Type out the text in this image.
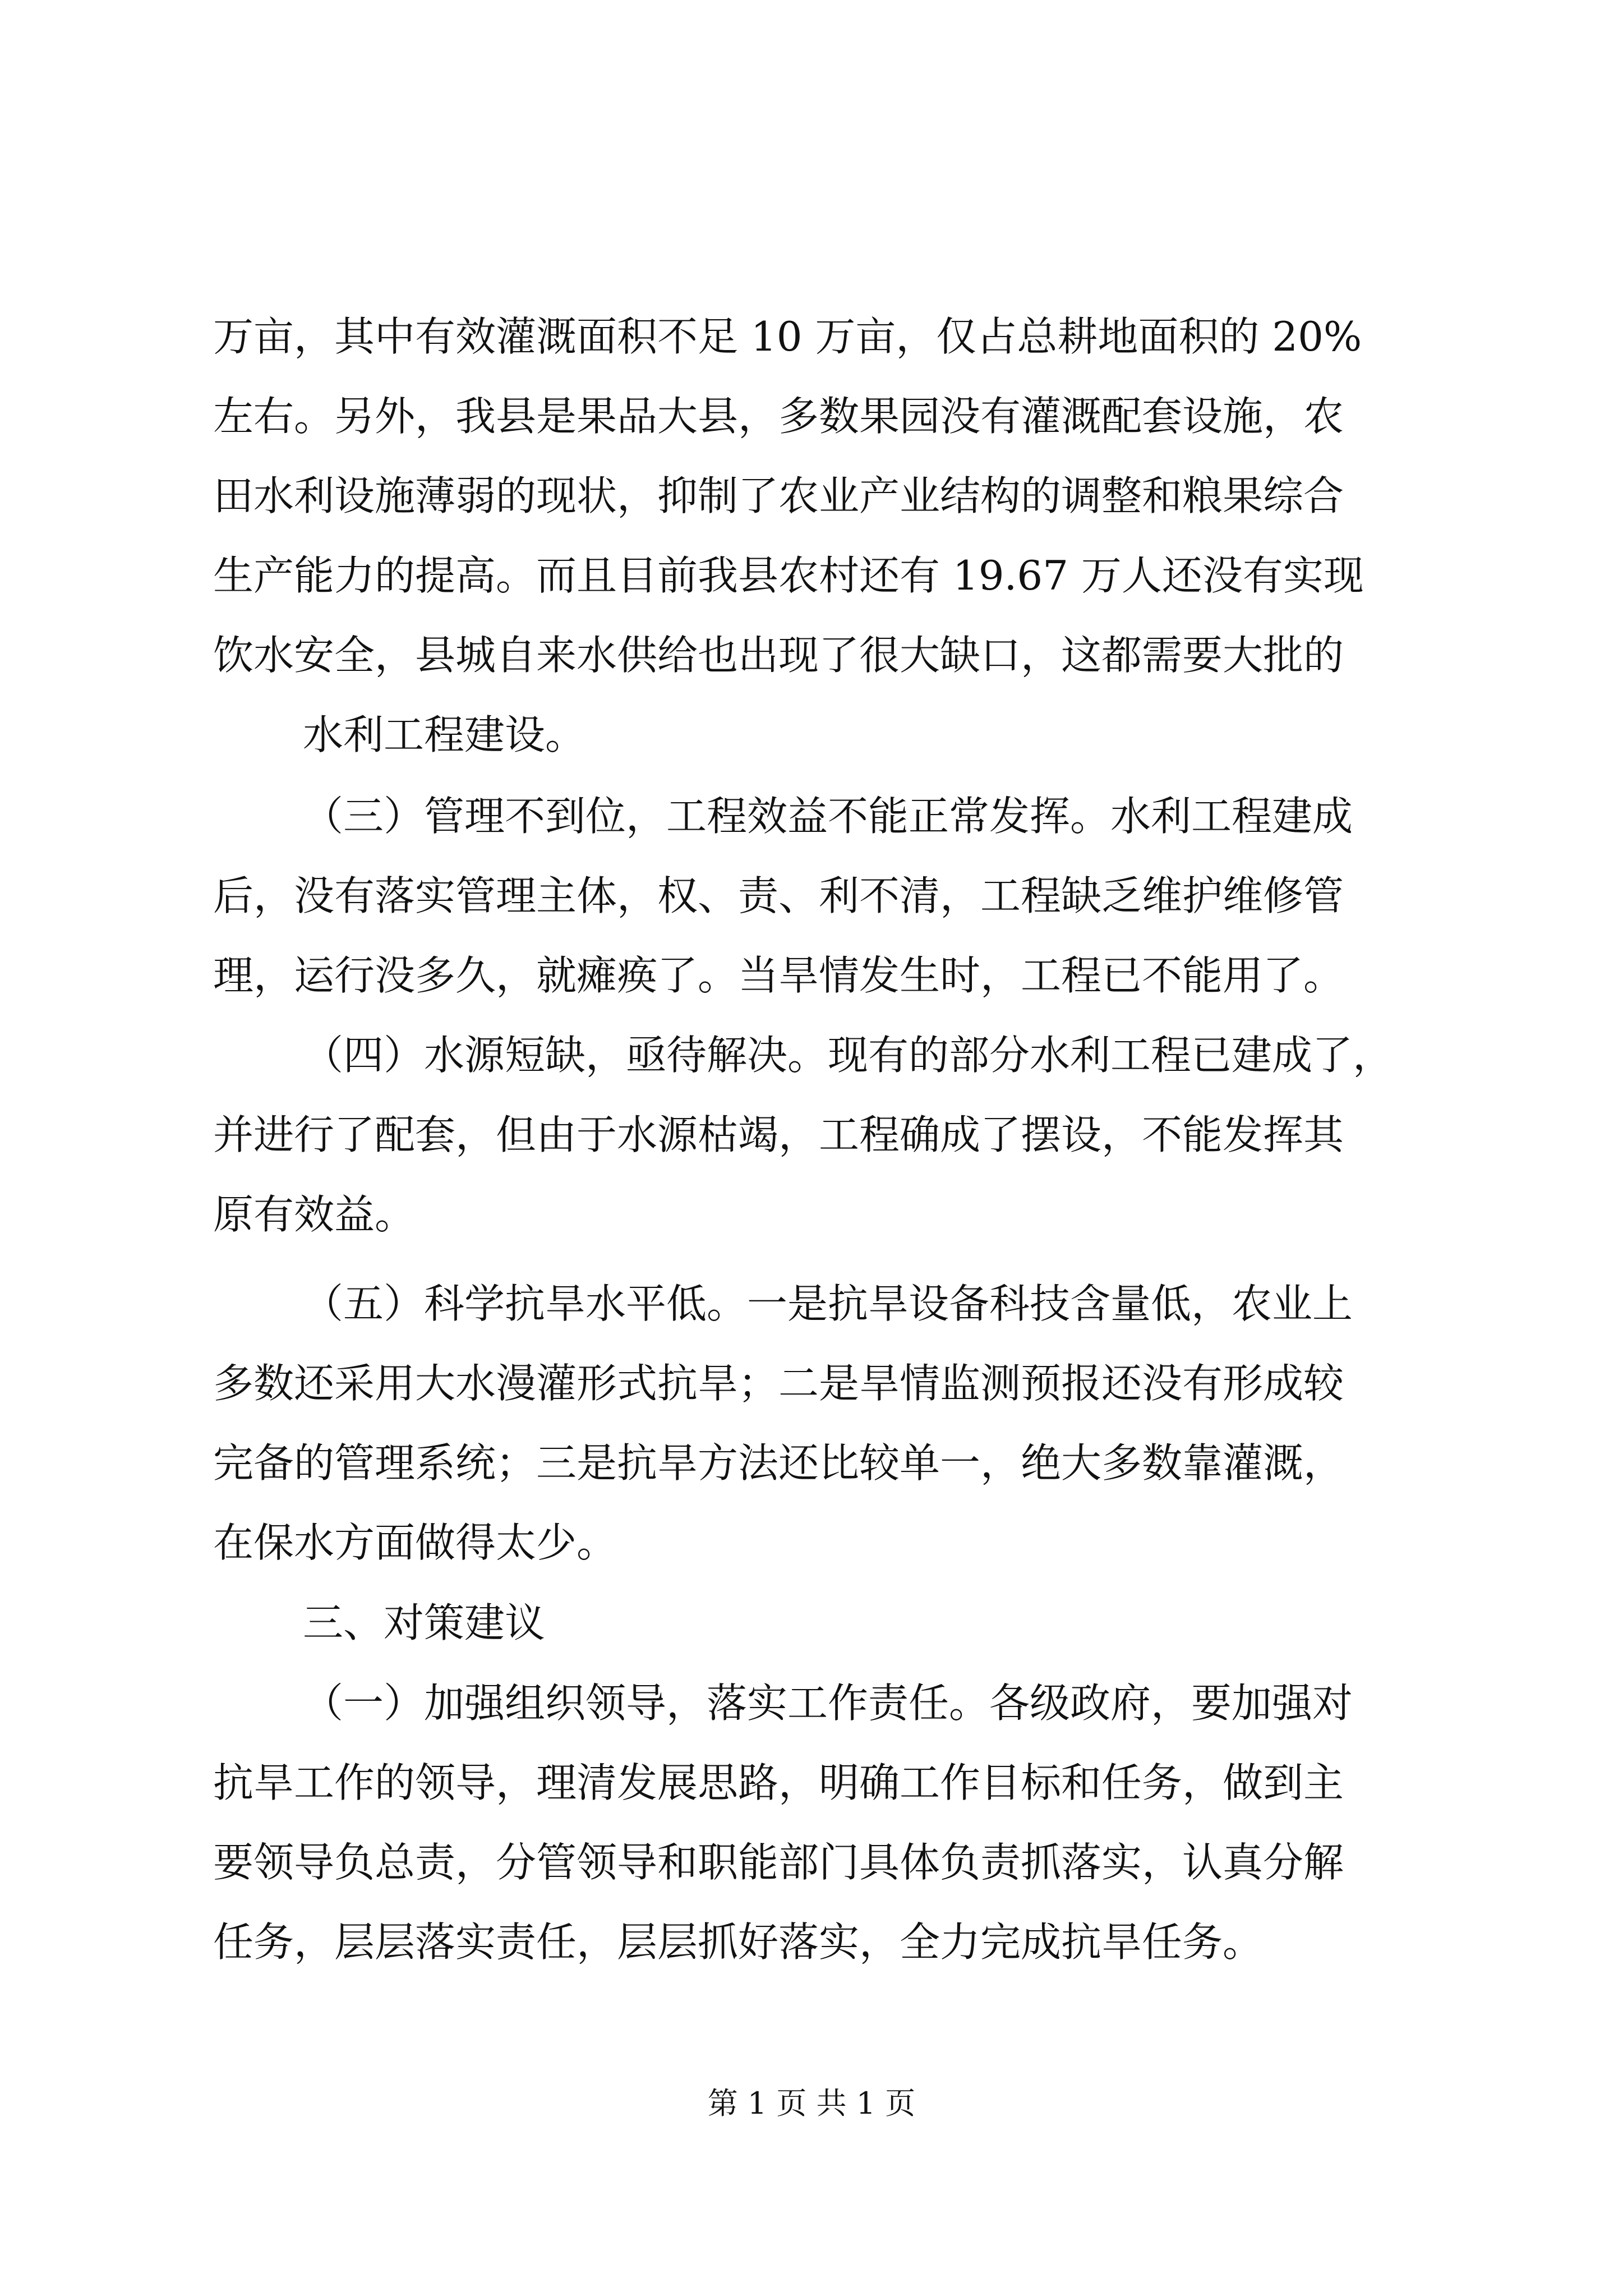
万亩，其中有效灌溉面积不足 10 万亩，仅占总耕地面积的 20%
左右。另外，我县是果品大县，多数果园没有灌溉配套设施，农
田水利设施薄弱的现状，抑制了农业产业结构的调整和粮果综合
生产能力的提高。而且目前我县农村还有 19.67 万人还没有实现
饮水安全，县城自来水供给也出现了很大缺口，这都需要大批的
水利工程建设。
（三）管理不到位，工程效益不能正常发挥。水利工程建成
后，没有落实管理主体，权、责、利不清，工程缺乏维护维修管
理，运行没多久，就瘫痪了。当旱情发生时，工程已不能用了。
（四）水源短缺，亟待解决。现有的部分水利工程已建成了，
并进行了配套，但由于水源枯竭，工程确成了摆设，不能发挥其
原有效益。
（五）科学抗旱水平低。一是抗旱设备科技含量低，农业上
多数还采用大水漫灌形式抗旱；二是旱情监测预报还没有形成较
完备的管理系统；三是抗旱方法还比较单一，绝大多数靠灌溉，
在保水方面做得太少。
三、对策建议
（一）加强组织领导，落实工作责任。各级政府，要加强对
抗旱工作的领导，理清发展思路，明确工作目标和任务，做到主
要领导负总责，分管领导和职能部门具体负责抓落实，认真分解
任务，层层落实责任，层层抓好落实，全力完成抗旱任务。
第 1 页 共 1 页
